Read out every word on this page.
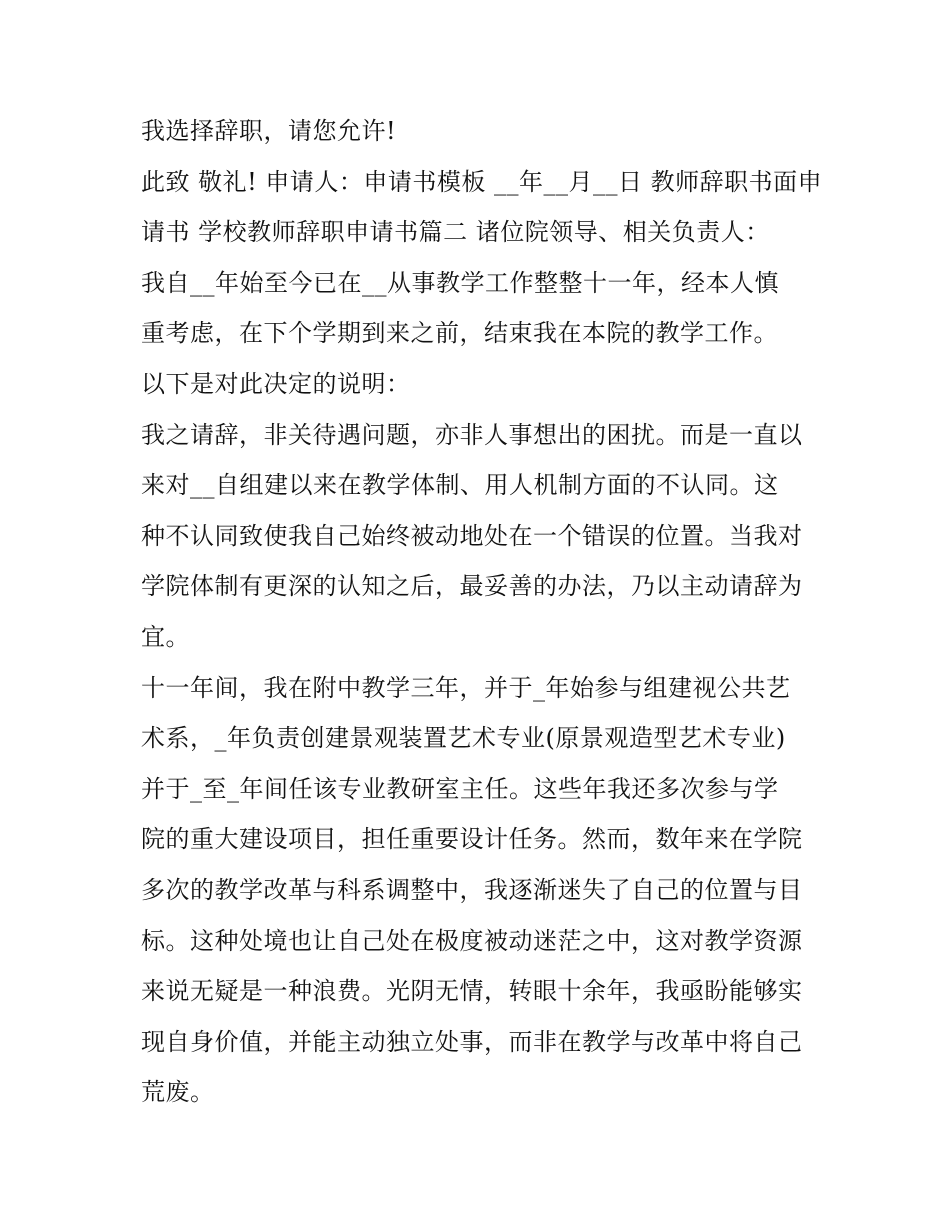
我选择辞职，请您允许!
此致 敬礼! 申请人：申请书模板 __年__月__日 教师辞职书面申
请书 学校教师辞职申请书篇二 诸位院领导、相关负责人：
我自__年始至今已在__从事教学工作整整十一年，经本人慎
重考虑，在下个学期到来之前，结束我在本院的教学工作。
以下是对此决定的说明：
我之请辞，非关待遇问题，亦非人事想出的困扰。而是一直以
来对__自组建以来在教学体制、用人机制方面的不认同。这
种不认同致使我自己始终被动地处在一个错误的位置。当我对
学院体制有更深的认知之后，最妥善的办法，乃以主动请辞为
宜。
十一年间，我在附中教学三年，并于_年始参与组建视公共艺
术系，_年负责创建景观装置艺术专业(原景观造型艺术专业)
并于_至_年间任该专业教研室主任。这些年我还多次参与学
院的重大建设项目，担任重要设计任务。然而，数年来在学院
多次的教学改革与科系调整中，我逐渐迷失了自己的位置与目
标。这种处境也让自己处在极度被动迷茫之中，这对教学资源
来说无疑是一种浪费。光阴无情，转眼十余年，我亟盼能够实
现自身价值，并能主动独立处事，而非在教学与改革中将自己
荒废。
